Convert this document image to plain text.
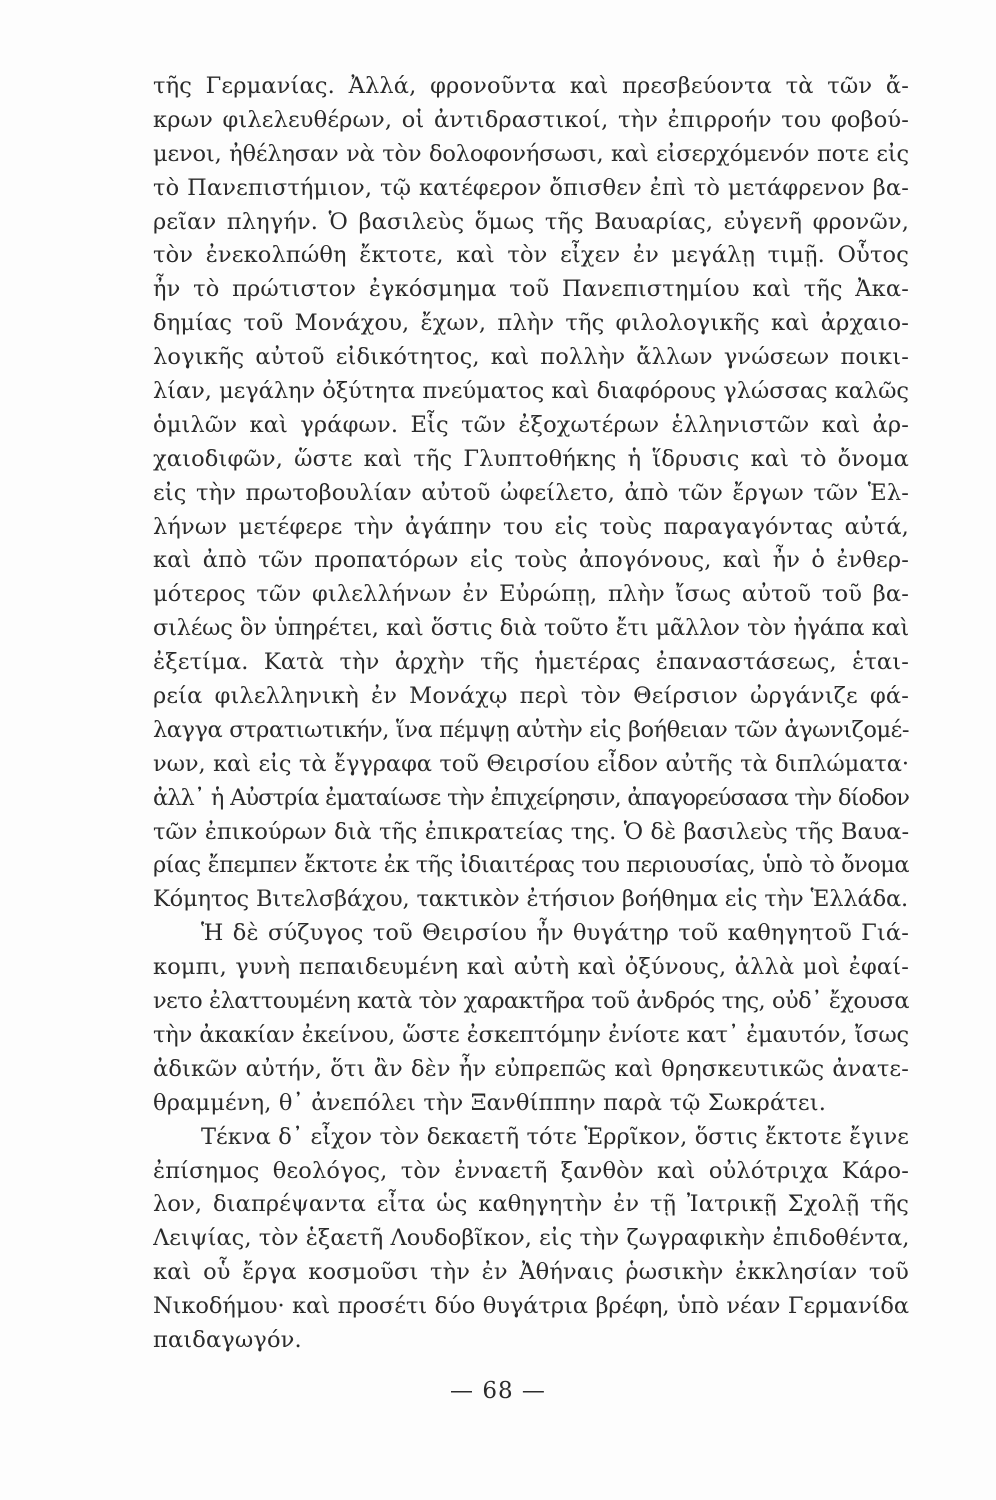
τῆς Γερμανίας. Ἀλλά, φρονοῦντα καὶ πρεσβεύοντα τὰ τῶν ἄ-
κρων φιλελευθέρων, οἱ ἀντιδραστικοί, τὴν ἐπιρροήν του φοβού-
μενοι, ἠθέλησαν νὰ τὸν δολοφονήσωσι, καὶ εἰσερχόμενόν ποτε εἰς
τὸ Πανεπιστήμιον, τῷ κατέφερον ὄπισθεν ἐπὶ τὸ μετάφρενον βα-
ρεῖαν πληγήν. Ὁ βασιλεὺς ὅμως τῆς Βαυαρίας, εὐγενῆ φρονῶν,
τὸν ἐνεκολπώθη ἔκτοτε, καὶ τὸν εἶχεν ἐν μεγάλῃ τιμῇ. Οὗτος
ἦν τὸ πρώτιστον ἐγκόσμημα τοῦ Πανεπιστημίου καὶ τῆς Ἀκα-
δημίας τοῦ Μονάχου, ἔχων, πλὴν τῆς φιλολογικῆς καὶ ἀρχαιο-
λογικῆς αὐτοῦ εἰδικότητος, καὶ πολλὴν ἄλλων γνώσεων ποικι-
λίαν, μεγάλην ὀξύτητα πνεύματος καὶ διαφόρους γλώσσας καλῶς
ὁμιλῶν καὶ γράφων. Εἷς τῶν ἐξοχωτέρων ἑλληνιστῶν καὶ ἀρ-
χαιοδιφῶν, ὥστε καὶ τῆς Γλυπτοθήκης ἡ ἵδρυσις καὶ τὸ ὄνομα
εἰς τὴν πρωτοβουλίαν αὐτοῦ ὠφείλετο, ἀπὸ τῶν ἔργων τῶν Ἑλ-
λήνων μετέφερε τὴν ἀγάπην του εἰς τοὺς παραγαγόντας αὐτά,
καὶ ἀπὸ τῶν προπατόρων εἰς τοὺς ἀπογόνους, καὶ ἦν ὁ ἐνθερ-
μότερος τῶν φιλελλήνων ἐν Εὐρώπῃ, πλὴν ἴσως αὐτοῦ τοῦ βα-
σιλέως ὃν ὑπηρέτει, καὶ ὅστις διὰ τοῦτο ἔτι μᾶλλον τὸν ἠγάπα καὶ
ἐξετίμα. Κατὰ τὴν ἀρχὴν τῆς ἡμετέρας ἐπαναστάσεως, ἑται-
ρεία φιλελληνικὴ ἐν Μονάχῳ περὶ τὸν Θείρσιον ὠργάνιζε φά-
λαγγα στρατιωτικήν, ἵνα πέμψῃ αὐτὴν εἰς βοήθειαν τῶν ἀγωνιζομέ-
νων, καὶ εἰς τὰ ἔγγραφα τοῦ Θειρσίου εἶδον αὐτῆς τὰ διπλώματα·
ἀλλ᾽ ἡ Αὐστρία ἐματαίωσε τὴν ἐπιχείρησιν, ἀπαγορεύσασα τὴν δίοδον
τῶν ἐπικούρων διὰ τῆς ἐπικρατείας της. Ὁ δὲ βασιλεὺς τῆς Βαυα-
ρίας ἔπεμπεν ἔκτοτε ἐκ τῆς ἰδιαιτέρας του περιουσίας, ὑπὸ τὸ ὄνομα
Κόμητος Βιτελσβάχου, τακτικὸν ἐτήσιον βοήθημα εἰς τὴν Ἑλλάδα.
Ἡ δὲ σύζυγος τοῦ Θειρσίου ἦν θυγάτηρ τοῦ καθηγητοῦ Γιά-
κομπι, γυνὴ πεπαιδευμένη καὶ αὐτὴ καὶ ὀξύνους, ἀλλὰ μοὶ ἐφαί-
νετο ἐλαττουμένη κατὰ τὸν χαρακτῆρα τοῦ ἀνδρός της, οὐδ᾽ ἔχουσα
τὴν ἀκακίαν ἐκείνου, ὥστε ἐσκεπτόμην ἐνίοτε κατ᾽ ἐμαυτόν, ἴσως
ἀδικῶν αὐτήν, ὅτι ἂν δὲν ἦν εὐπρεπῶς καὶ θρησκευτικῶς ἀνατε-
θραμμένη, θ᾽ ἀνεπόλει τὴν Ξανθίππην παρὰ τῷ Σωκράτει.
Τέκνα δ᾽ εἶχον τὸν δεκαετῆ τότε Ἑρρῖκον, ὅστις ἔκτοτε ἔγινε
ἐπίσημος θεολόγος, τὸν ἐνναετῆ ξανθὸν καὶ οὐλότριχα Κάρο-
λον, διαπρέψαντα εἶτα ὡς καθηγητὴν ἐν τῇ Ἰατρικῇ Σχολῇ τῆς
Λειψίας, τὸν ἑξαετῆ Λουδοβῖκον, εἰς τὴν ζωγραφικὴν ἐπιδοθέντα,
καὶ οὗ ἔργα κοσμοῦσι τὴν ἐν Ἀθήναις ῥωσικὴν ἐκκλησίαν τοῦ
Νικοδήμου· καὶ προσέτι δύο θυγάτρια βρέφη, ὑπὸ νέαν Γερμανίδα
παιδαγωγόν.
— 68 —
